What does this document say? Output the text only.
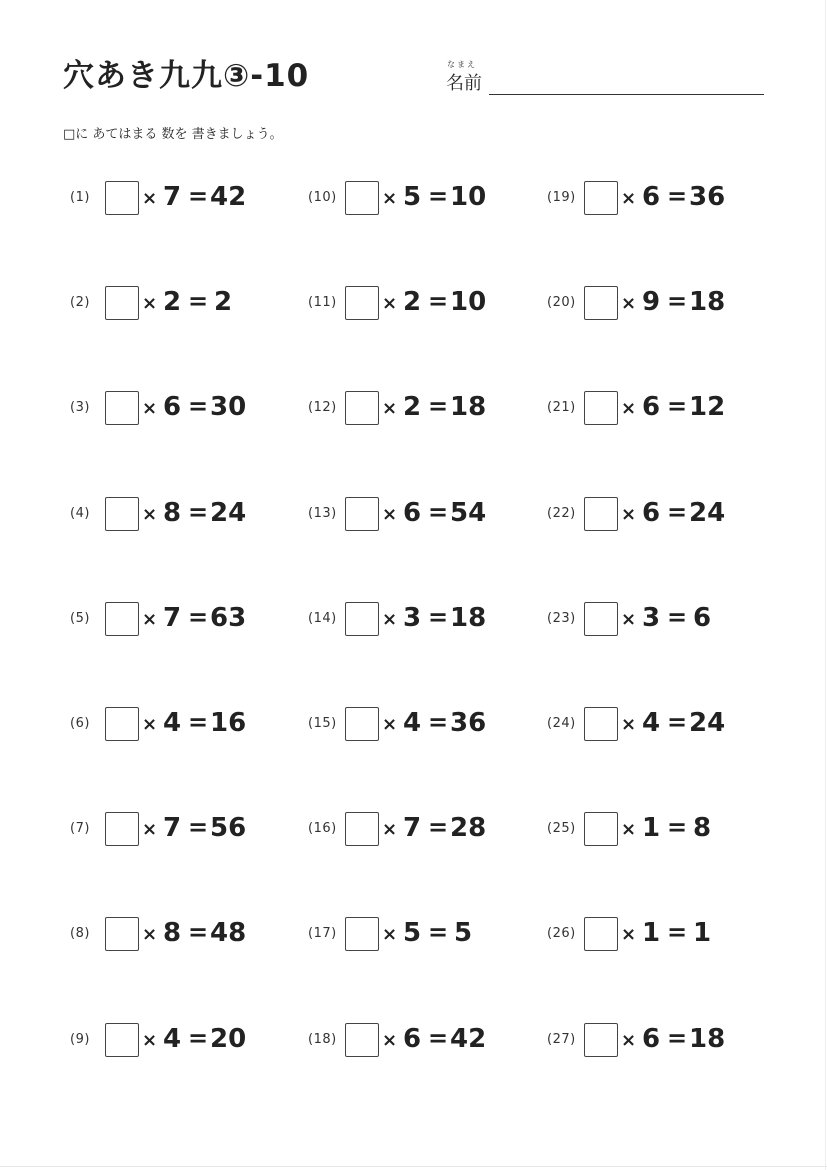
穴あき九九③-10	なまえ
名前
□に あてはまる 数を 書きましょう。
(1)	× 7 = 42
(2)	× 2 = 2
(3)	× 6 = 30
(4)	× 8 = 24
(5)	× 7 = 63
(6)	× 4 = 16
(7)	× 7 = 56
(8)	× 8 = 48
(9)	× 4 = 20
(10)	× 5 = 10
(11)	× 2 = 10
(12)	× 2 = 18
(13)	× 6 = 54
(14)	× 3 = 18
(15)	× 4 = 36
(16)	× 7 = 28
(17)	× 5 = 5
(18)	× 6 = 42
(19)	× 6 = 36
(20)	× 9 = 18
(21)	× 6 = 12
(22)	× 6 = 24
(23)	× 3 = 6
(24)	× 4 = 24
(25)	× 1 = 8
(26)	× 1 = 1
(27)	× 6 = 18
